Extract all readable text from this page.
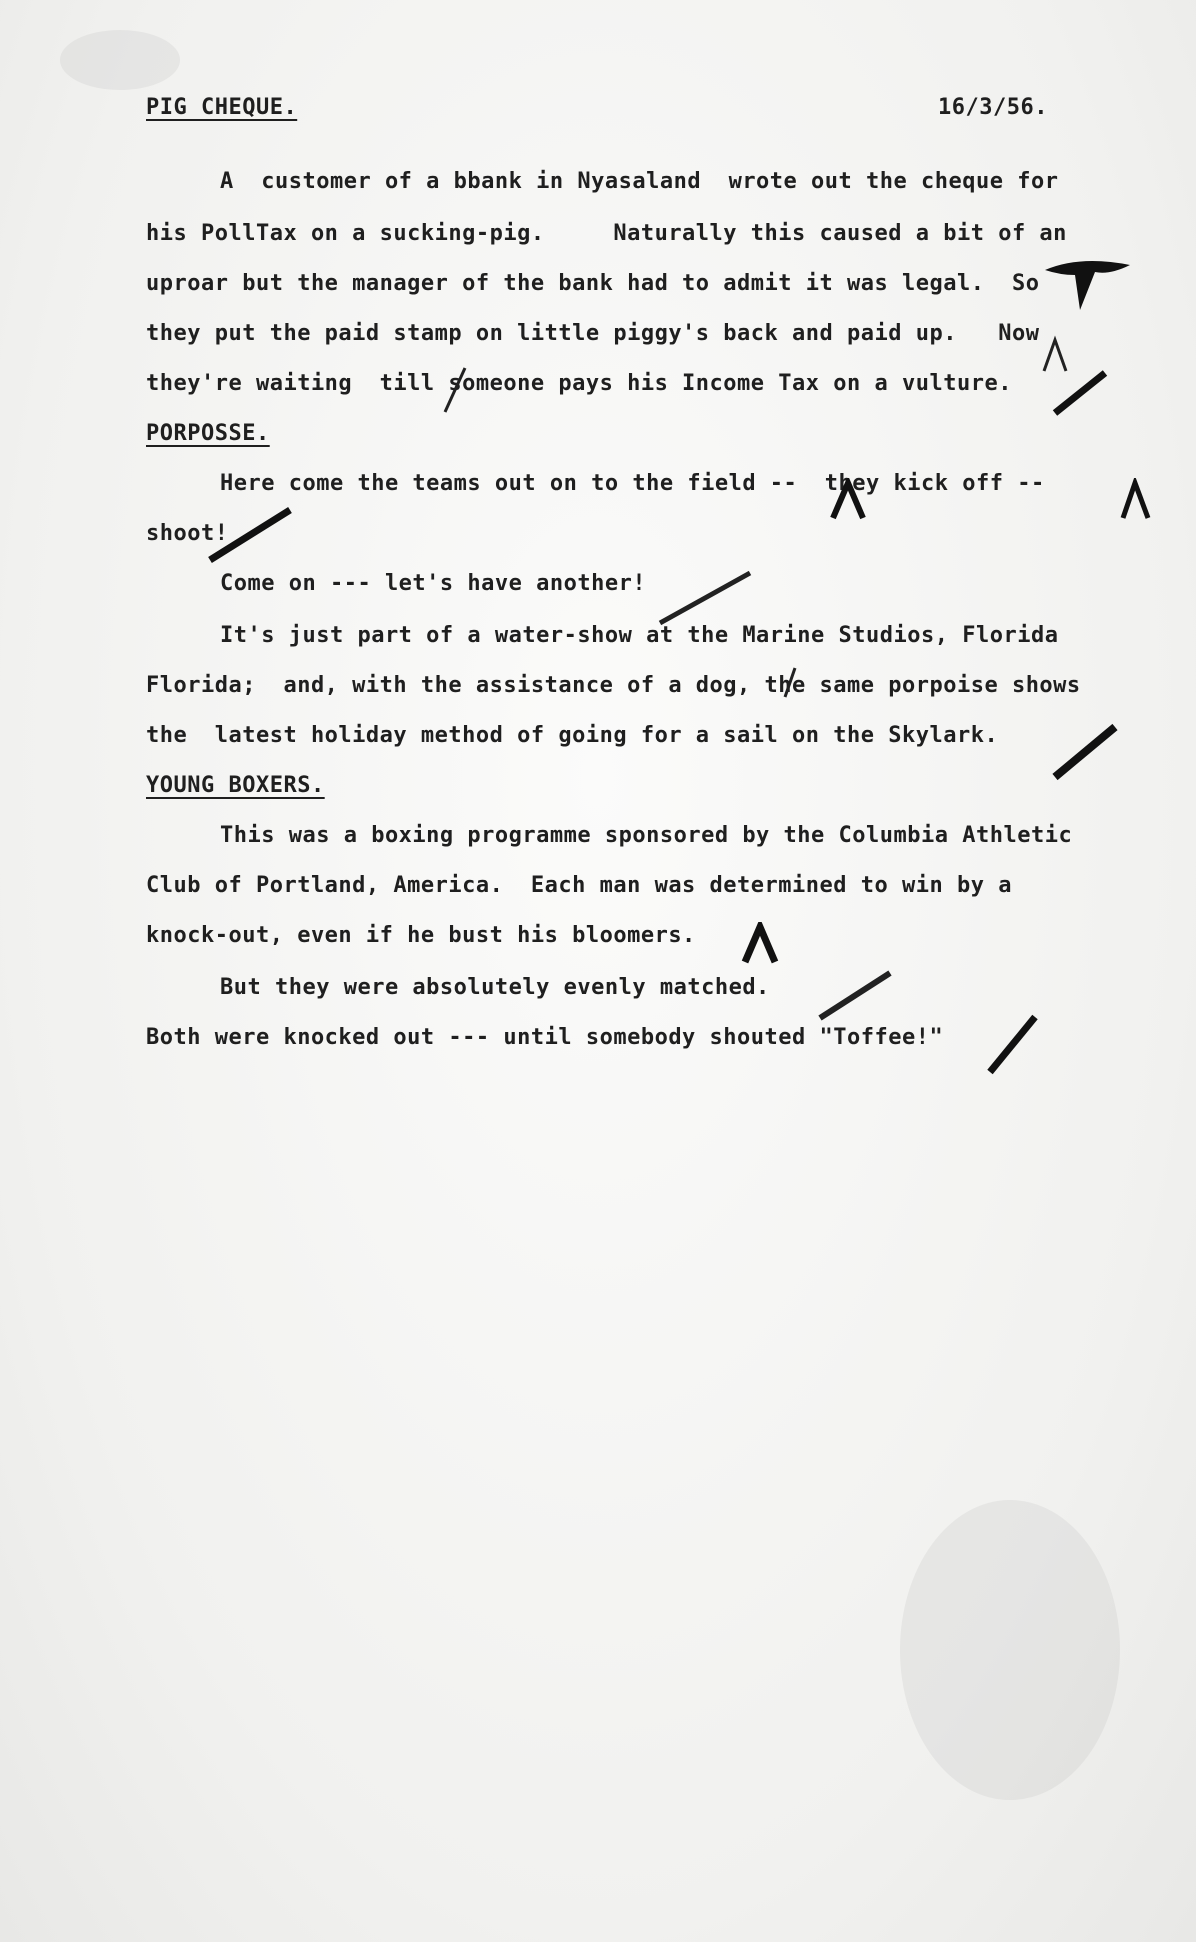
PIG CHEQUE.	16/3/56.
A  customer of a bbank in Nyasaland  wrote out the cheque for
his PollTax on a sucking-pig.     Naturally this caused a bit of an
uproar but the manager of the bank had to admit it was legal.  So
they put the paid stamp on little piggy's back and paid up.   Now
they're waiting  till someone pays his Income Tax on a vulture.
PORPOSSE.
Here come the teams out on to the field --  they kick off --
shoot!
Come on --- let's have another!
It's just part of a water-show at the Marine Studios, Florida
Florida;  and, with the assistance of a dog, the same porpoise shows
the  latest holiday method of going for a sail on the Skylark.
YOUNG BOXERS.
This was a boxing programme sponsored by the Columbia Athletic
Club of Portland, America.  Each man was determined to win by a
knock-out, even if he bust his bloomers.
But they were absolutely evenly matched.
Both were knocked out --- until somebody shouted "Toffee!"
